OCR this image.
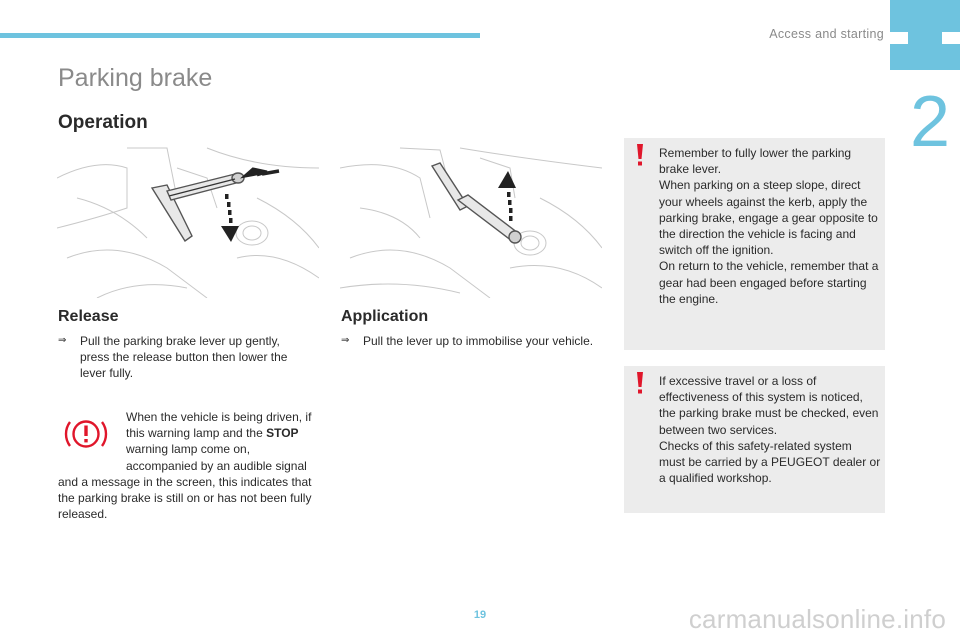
Access and starting
2
Parking brake
Operation
Release	Application
⇒	Pull the parking brake lever up gently, press the release button then lower the lever fully.
⇒	Pull the lever up to immobilise your vehicle.
When the vehicle is being driven, if this warning lamp and the STOP warning lamp come on, accompanied by an audible signal and a message in the screen, this indicates that the parking brake is still on or has not been fully released.
Remember to fully lower the parking brake lever.
When parking on a steep slope, direct your wheels against the kerb, apply the parking brake, engage a gear opposite to the direction the vehicle is facing and switch off the ignition.
On return to the vehicle, remember that a gear had been engaged before starting the engine.
If excessive travel or a loss of effectiveness of this system is noticed, the parking brake must be checked, even between two services.
Checks of this safety-related system must be carried by a PEUGEOT dealer or a qualified workshop.
19	carmanualsonline.info
